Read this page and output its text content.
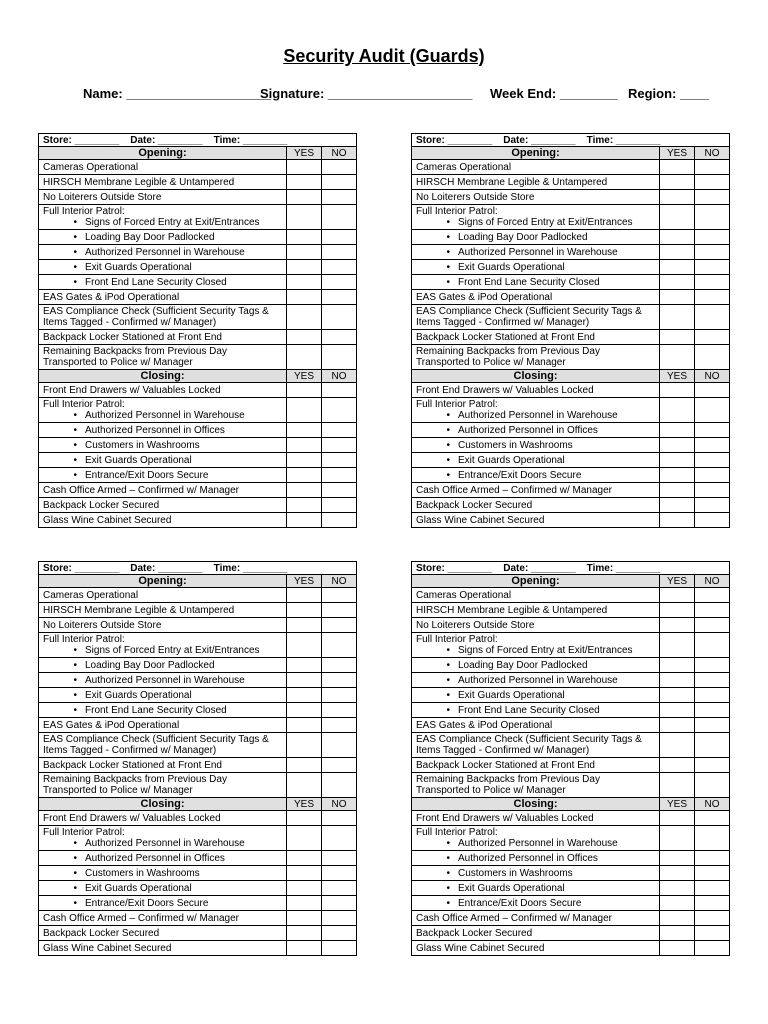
Security Audit (Guards)

Name: ____________________

Signature: ____________________

Week End: ________

Region: ____

Store: ________    Date: ________    Time: ________		
Opening:	YES	NO
Cameras Operational		
HIRSCH Membrane Legible & Untampered		
No Loiterers Outside Store		

Full Interior Patrol:
• Signs of Forced Entry at Exit/Entrances		

• Loading Bay Door Padlocked		
• Authorized Personnel in Warehouse		
• Exit Guards Operational		
• Front End Lane Security Closed		
EAS Gates & iPod Operational		

EAS Compliance Check (Sufficient Security Tags &
Items Tagged - Confirmed w/ Manager)		

Backpack Locker Stationed at Front End		

Remaining Backpacks from Previous Day
Transported to Police w/ Manager		

Closing:	YES	NO
Front End Drawers w/ Valuables Locked		

Full Interior Patrol:
• Authorized Personnel in Warehouse		

• Authorized Personnel in Offices		
• Customers in Washrooms		
• Exit Guards Operational		
• Entrance/Exit Doors Secure		
Cash Office Armed – Confirmed w/ Manager		
Backpack Locker Secured		
Glass Wine Cabinet Secured		
Store: ________    Date: ________    Time: ________		
Opening:	YES	NO
Cameras Operational		
HIRSCH Membrane Legible & Untampered		
No Loiterers Outside Store		

Full Interior Patrol:
• Signs of Forced Entry at Exit/Entrances		

• Loading Bay Door Padlocked		
• Authorized Personnel in Warehouse		
• Exit Guards Operational		
• Front End Lane Security Closed		
EAS Gates & iPod Operational		

EAS Compliance Check (Sufficient Security Tags &
Items Tagged - Confirmed w/ Manager)		

Backpack Locker Stationed at Front End		

Remaining Backpacks from Previous Day
Transported to Police w/ Manager		

Closing:	YES	NO
Front End Drawers w/ Valuables Locked		

Full Interior Patrol:
• Authorized Personnel in Warehouse		

• Authorized Personnel in Offices		
• Customers in Washrooms		
• Exit Guards Operational		
• Entrance/Exit Doors Secure		
Cash Office Armed – Confirmed w/ Manager		
Backpack Locker Secured		
Glass Wine Cabinet Secured		
Store: ________    Date: ________    Time: ________		
Opening:	YES	NO
Cameras Operational		
HIRSCH Membrane Legible & Untampered		
No Loiterers Outside Store		

Full Interior Patrol:
• Signs of Forced Entry at Exit/Entrances		

• Loading Bay Door Padlocked		
• Authorized Personnel in Warehouse		
• Exit Guards Operational		
• Front End Lane Security Closed		
EAS Gates & iPod Operational		

EAS Compliance Check (Sufficient Security Tags &
Items Tagged - Confirmed w/ Manager)		

Backpack Locker Stationed at Front End		

Remaining Backpacks from Previous Day
Transported to Police w/ Manager		

Closing:	YES	NO
Front End Drawers w/ Valuables Locked		

Full Interior Patrol:
• Authorized Personnel in Warehouse		

• Authorized Personnel in Offices		
• Customers in Washrooms		
• Exit Guards Operational		
• Entrance/Exit Doors Secure		
Cash Office Armed – Confirmed w/ Manager		
Backpack Locker Secured		
Glass Wine Cabinet Secured		
Store: ________    Date: ________    Time: ________		
Opening:	YES	NO
Cameras Operational		
HIRSCH Membrane Legible & Untampered		
No Loiterers Outside Store		

Full Interior Patrol:
• Signs of Forced Entry at Exit/Entrances		

• Loading Bay Door Padlocked		
• Authorized Personnel in Warehouse		
• Exit Guards Operational		
• Front End Lane Security Closed		
EAS Gates & iPod Operational		

EAS Compliance Check (Sufficient Security Tags &
Items Tagged - Confirmed w/ Manager)		

Backpack Locker Stationed at Front End		

Remaining Backpacks from Previous Day
Transported to Police w/ Manager		

Closing:	YES	NO
Front End Drawers w/ Valuables Locked		

Full Interior Patrol:
• Authorized Personnel in Warehouse		

• Authorized Personnel in Offices		
• Customers in Washrooms		
• Exit Guards Operational		
• Entrance/Exit Doors Secure		
Cash Office Armed – Confirmed w/ Manager		
Backpack Locker Secured		
Glass Wine Cabinet Secured		
